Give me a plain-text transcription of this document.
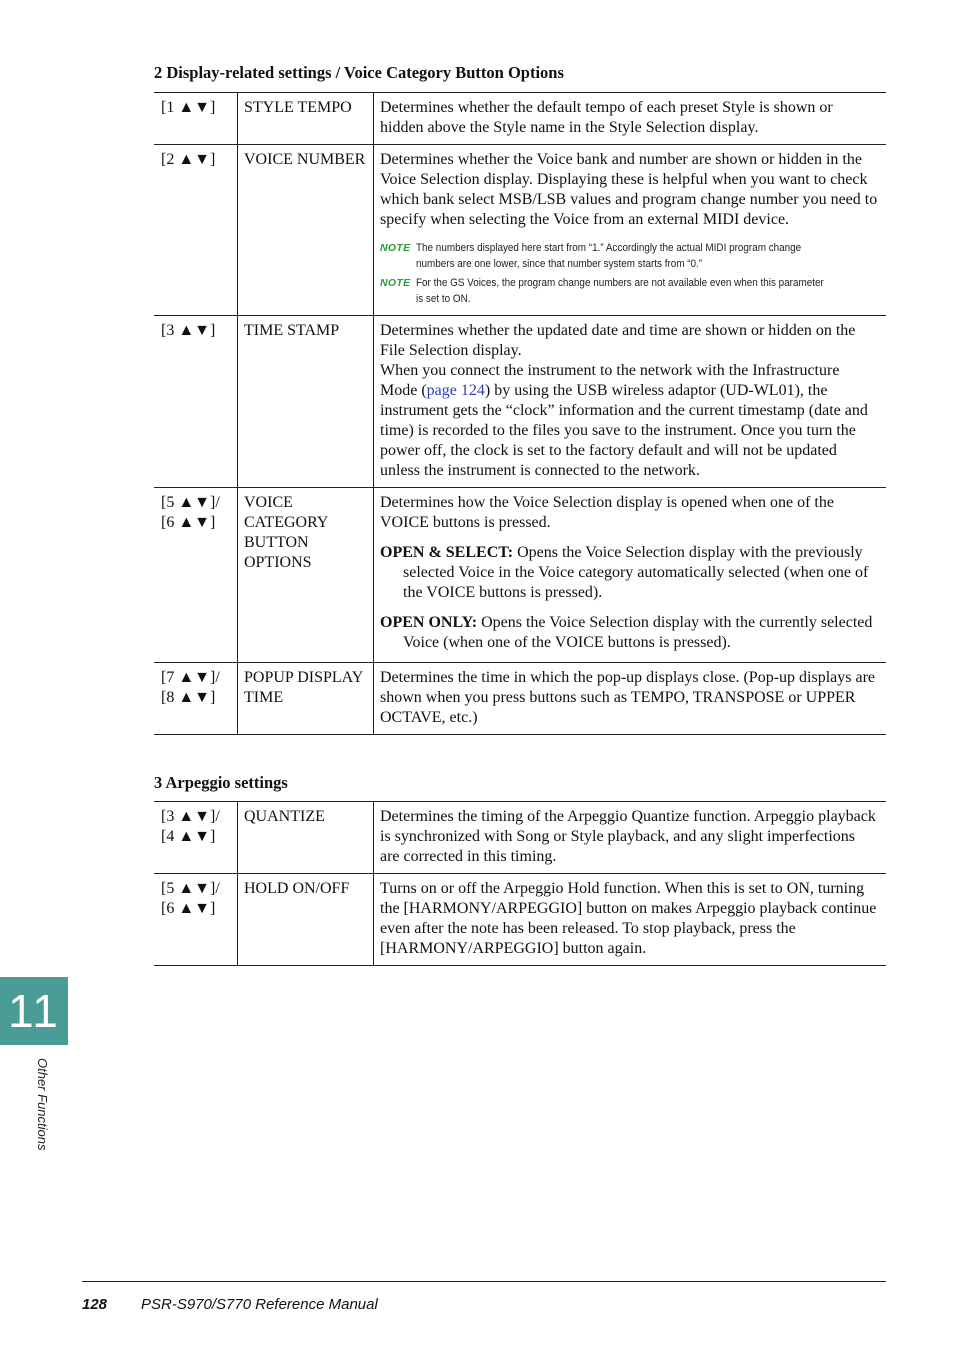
2 Display-related settings / Voice Category Button Options
[1 ▲▼]	STYLE TEMPO	Determines whether the default tempo of each preset Style is shown or hidden above the Style name in the Style Selection display.

[2 ▲▼]	VOICE NUMBER	Determines whether the Voice bank and number are shown or hidden in the Voice Selection display. Displaying these is helpful when you want to check which bank select MSB/LSB values and program change number you need to specify when selecting the Voice from an external MIDI device.
NOTE The numbers displayed here start from “1.” Accordingly the actual MIDI program change numbers are one lower, since that number system starts from “0.”
NOTE For the GS Voices, the program change numbers are not available even when this parameter is set to ON.

[3 ▲▼]	TIME STAMP	Determines whether the updated date and time are shown or hidden on the File Selection display.
When you connect the instrument to the network with the Infrastructure Mode (page 124) by using the USB wireless adaptor (UD-WL01), the instrument gets the “clock” information and the current timestamp (date and time) is recorded to the files you save to the instrument. Once you turn the power off, the clock is set to the factory default and will not be updated unless the instrument is connected to the network.

[5 ▲▼]/
[6 ▲▼]	VOICE CATEGORY BUTTON OPTIONS	Determines how the Voice Selection display is opened when one of the VOICE buttons is pressed.
OPEN & SELECT: Opens the Voice Selection display with the previously selected Voice in the Voice category automatically selected (when one of the VOICE buttons is pressed).
OPEN ONLY: Opens the Voice Selection display with the currently selected Voice (when one of the VOICE buttons is pressed).

[7 ▲▼]/
[8 ▲▼]	POPUP DISPLAY TIME	Determines the time in which the pop-up displays close. (Pop-up displays are shown when you press buttons such as TEMPO, TRANSPOSE or UPPER OCTAVE, etc.)
3 Arpeggio settings
[3 ▲▼]/
[4 ▲▼]	QUANTIZE	Determines the timing of the Arpeggio Quantize function. Arpeggio playback is synchronized with Song or Style playback, and any slight imperfections are corrected in this timing.

[5 ▲▼]/
[6 ▲▼]	HOLD ON/OFF	Turns on or off the Arpeggio Hold function. When this is set to ON, turning the [HARMONY/ARPEGGIO] button on makes Arpeggio playback continue even after the note has been released. To stop playback, press the [HARMONY/ARPEGGIO] button again.
11
Other Functions
128 PSR-S970/S770 Reference Manual
